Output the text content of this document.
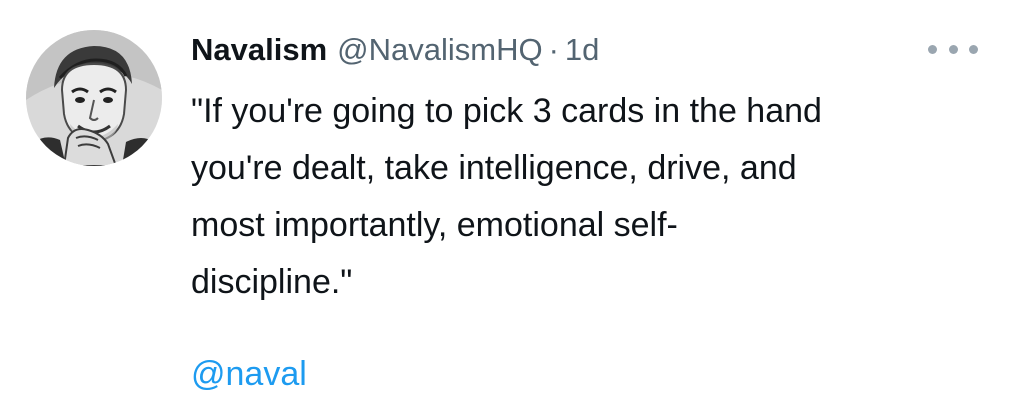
Navalism @NavalismHQ · 1d
"If you're going to pick 3 cards in the hand
you're dealt, take intelligence, drive, and
most importantly, emotional self-
discipline."
@naval
